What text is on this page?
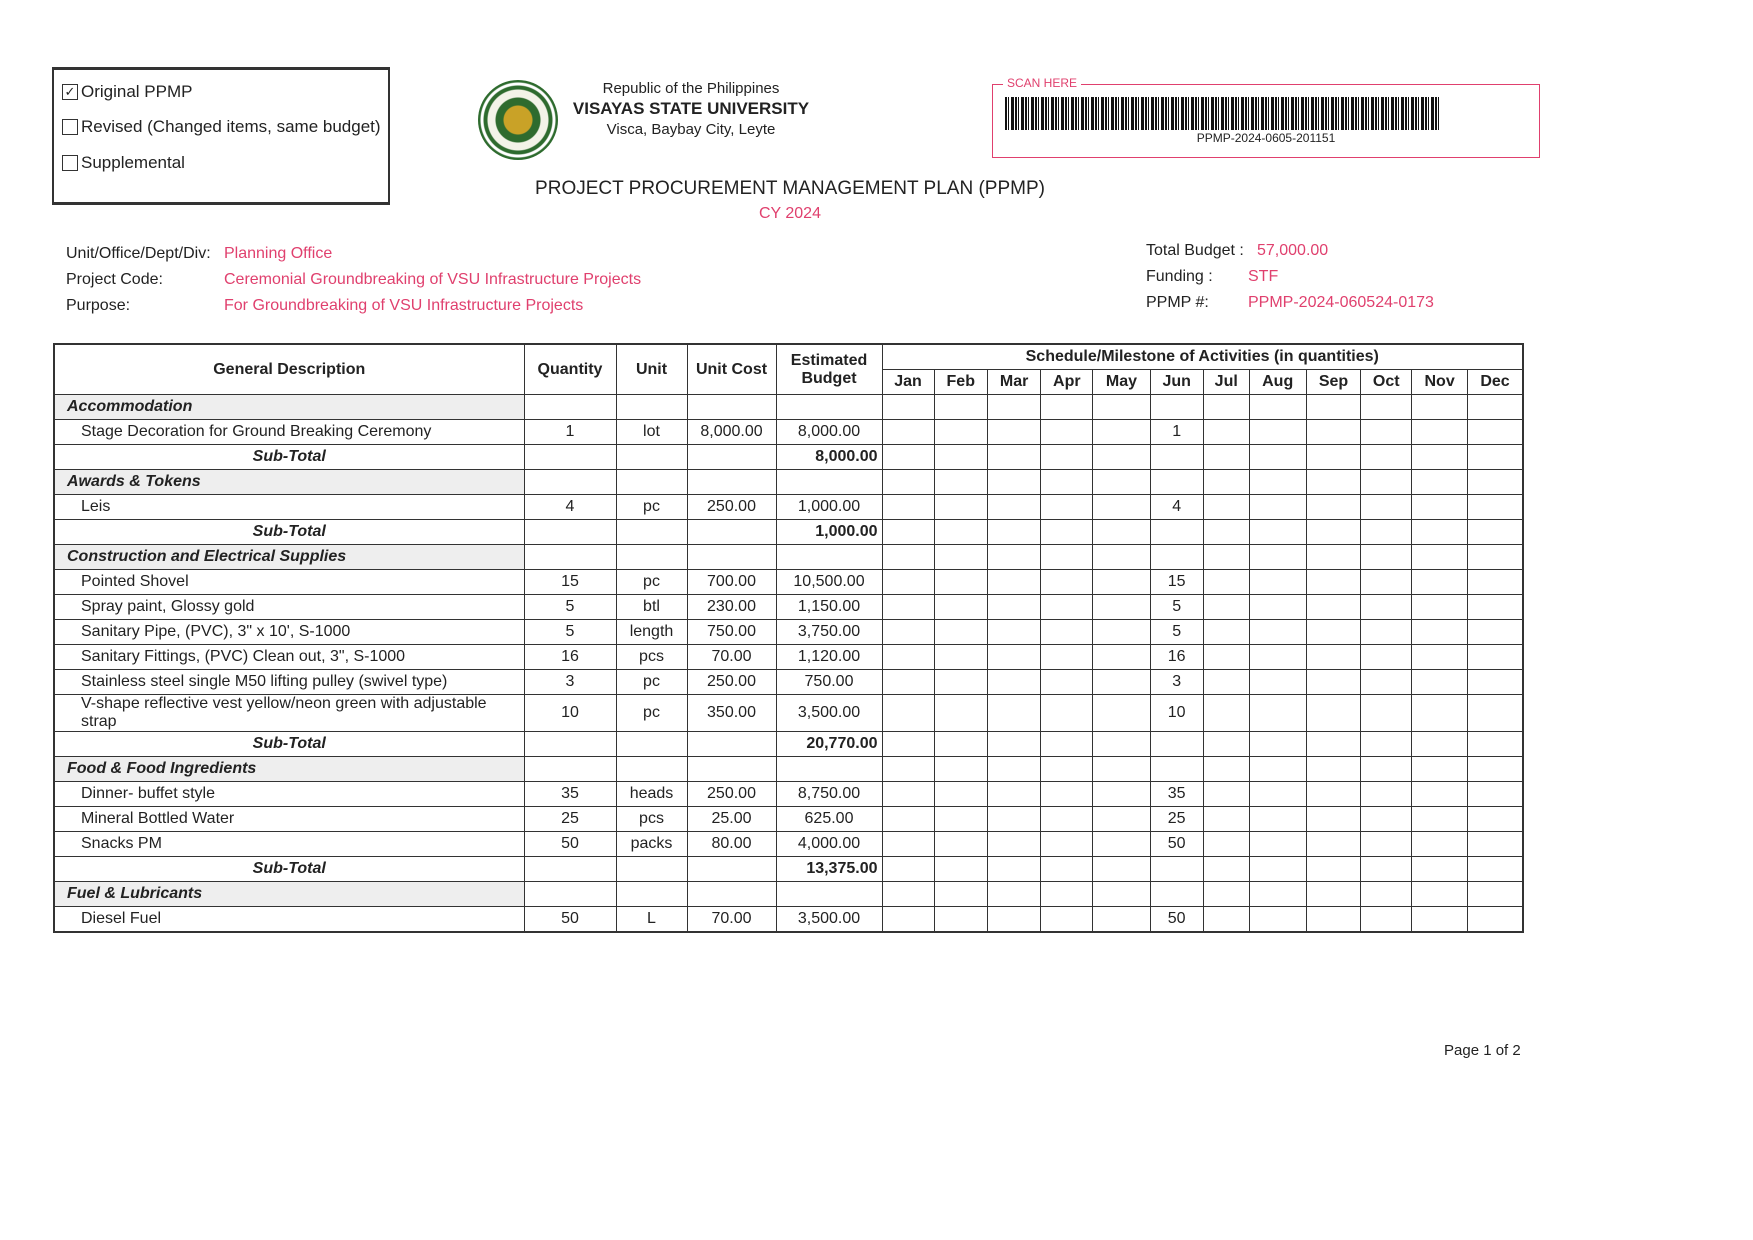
✓ Original PPMP
Revised (Changed items, same budget)
Supplemental
Republic of the Philippines
VISAYAS STATE UNIVERSITY
Visca, Baybay City, Leyte
SCAN HERE
PPMP-2024-0605-201151
PROJECT PROCUREMENT MANAGEMENT PLAN (PPMP)
CY 2024
Unit/Office/Dept/Div: Planning Office
Project Code:	Ceremonial Groundbreaking of VSU Infrastructure Projects
Purpose:	For Groundbreaking of VSU Infrastructure Projects
Total Budget : 57,000.00
Funding : STF
PPMP #: PPMP-2024-060524-0173
General Description	Quantity	Unit	Unit Cost	Estimated Budget	Schedule/Milestone of Activities (in quantities)											
					Jan	Feb	Mar	Apr	May	Jun	Jul	Aug	Sep	Oct	Nov	Dec
Accommodation																
Stage Decoration for Ground Breaking Ceremony	1	lot	8,000.00	8,000.00						1						
Sub-Total				8,000.00												
Awards & Tokens																
Leis	4	pc	250.00	1,000.00						4						
Sub-Total				1,000.00												
Construction and Electrical Supplies																
Pointed Shovel	15	pc	700.00	10,500.00						15						
Spray paint, Glossy gold	5	btl	230.00	1,150.00						5						
Sanitary Pipe, (PVC), 3" x 10', S-1000	5	length	750.00	3,750.00						5						
Sanitary Fittings, (PVC) Clean out, 3", S-1000	16	pcs	70.00	1,120.00						16						
Stainless steel single M50 lifting pulley (swivel type)	3	pc	250.00	750.00						3						
V-shape reflective vest yellow/neon green with adjustable strap	10	pc	350.00	3,500.00						10						
Sub-Total				20,770.00												
Food & Food Ingredients																
Dinner- buffet style	35	heads	250.00	8,750.00						35						
Mineral Bottled Water	25	pcs	25.00	625.00						25						
Snacks PM	50	packs	80.00	4,000.00						50						
Sub-Total				13,375.00												
Fuel & Lubricants																
Diesel Fuel	50	L	70.00	3,500.00						50						
Page 1 of 2
